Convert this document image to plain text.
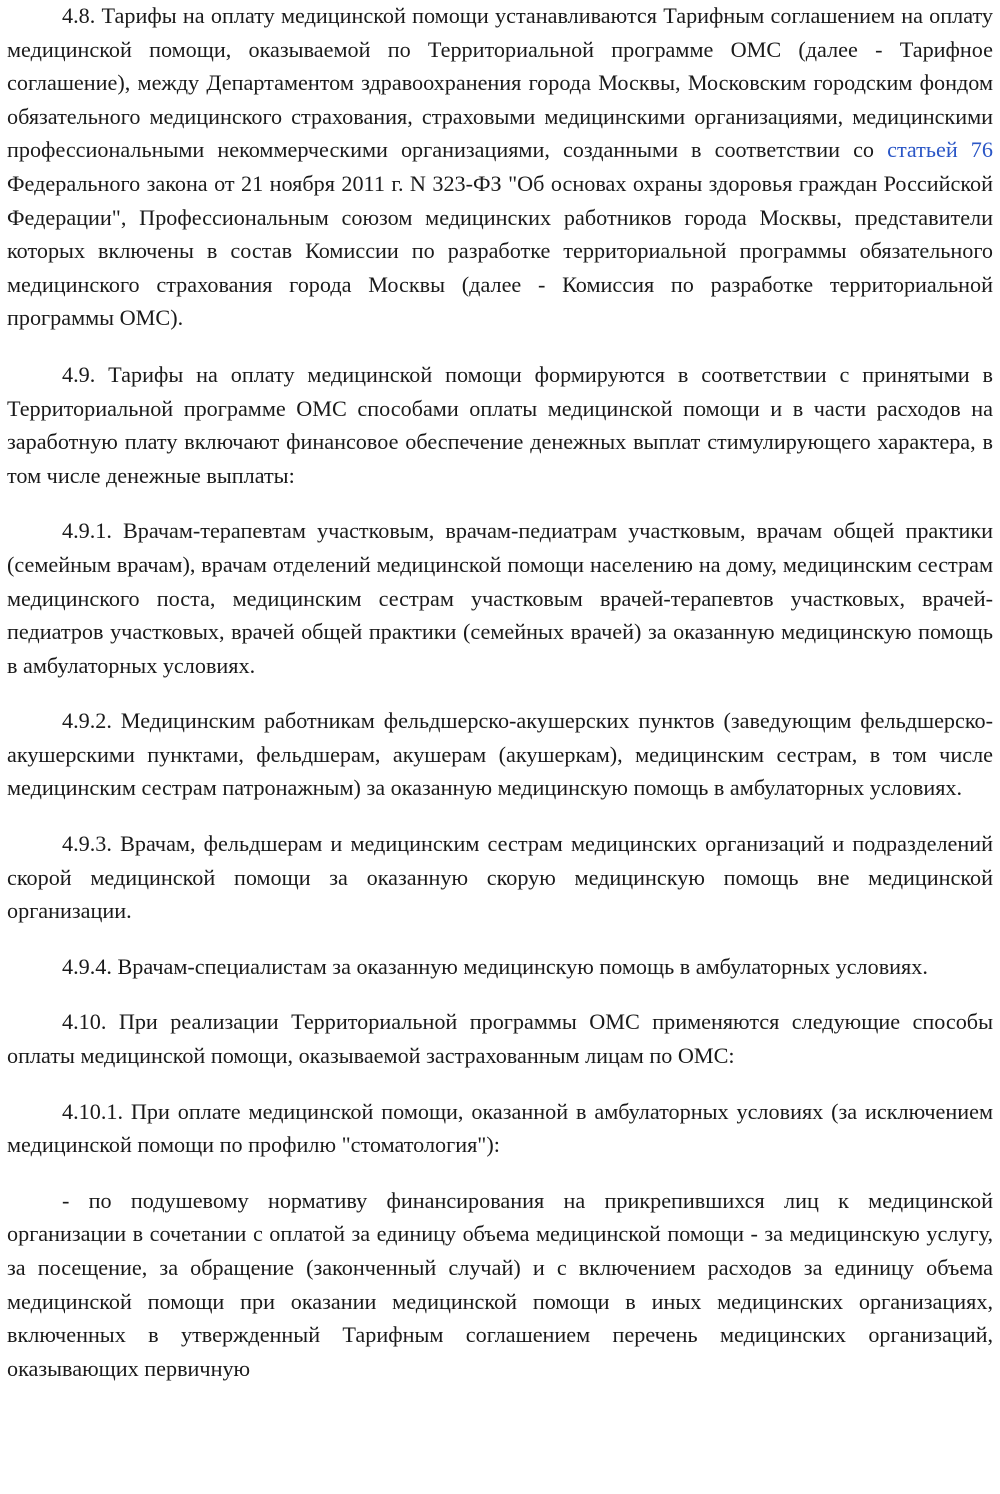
4.8. Тарифы на оплату медицинской помощи устанавливаются Тарифным соглашением на оплату медицинской помощи, оказываемой по Территориальной программе ОМС (далее - Тарифное соглашение), между Департаментом здравоохранения города Москвы, Московским городским фондом обязательного медицинского страхования, страховыми медицинскими организациями, медицинскими профессиональными некоммерческими организациями, созданными в соответствии со статьей 76 Федерального закона от 21 ноября 2011 г. N 323-ФЗ "Об основах охраны здоровья граждан Российской Федерации", Профессиональным союзом медицинских работников города Москвы, представители которых включены в состав Комиссии по разработке территориальной программы обязательного медицинского страхования города Москвы (далее - Комиссия по разработке территориальной программы ОМС).

4.9. Тарифы на оплату медицинской помощи формируются в соответствии с принятыми в Территориальной программе ОМС способами оплаты медицинской помощи и в части расходов на заработную плату включают финансовое обеспечение денежных выплат стимулирующего характера, в том числе денежные выплаты:

4.9.1. Врачам-терапевтам участковым, врачам-педиатрам участковым, врачам общей практики (семейным врачам), врачам отделений медицинской помощи населению на дому, медицинским сестрам медицинского поста, медицинским сестрам участковым врачей-терапевтов участковых, врачей-педиатров участковых, врачей общей практики (семейных врачей) за оказанную медицинскую помощь в амбулаторных условиях.

4.9.2. Медицинским работникам фельдшерско-акушерских пунктов (заведующим фельдшерско-акушерскими пунктами, фельдшерам, акушерам (акушеркам), медицинским сестрам, в том числе медицинским сестрам патронажным) за оказанную медицинскую помощь в амбулаторных условиях.

4.9.3. Врачам, фельдшерам и медицинским сестрам медицинских организаций и подразделений скорой медицинской помощи за оказанную скорую медицинскую помощь вне медицинской организации.

4.9.4. Врачам-специалистам за оказанную медицинскую помощь в амбулаторных условиях.

4.10. При реализации Территориальной программы ОМС применяются следующие способы оплаты медицинской помощи, оказываемой застрахованным лицам по ОМС:

4.10.1. При оплате медицинской помощи, оказанной в амбулаторных условиях (за исключением медицинской помощи по профилю "стоматология"):

- по подушевому нормативу финансирования на прикрепившихся лиц к медицинской организации в сочетании с оплатой за единицу объема медицинской помощи - за медицинскую услугу, за посещение, за обращение (законченный случай) и с включением расходов за единицу объема медицинской помощи при оказании медицинской помощи в иных медицинских организациях, включенных в утвержденный Тарифным соглашением перечень медицинских организаций, оказывающих первичную
